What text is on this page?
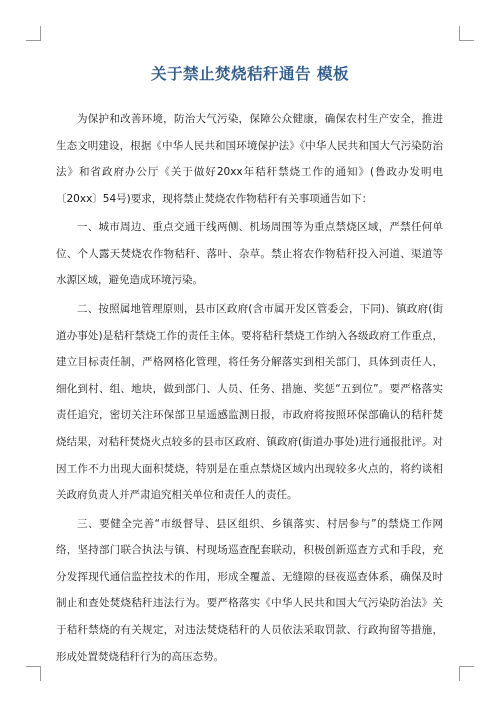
关于禁止焚烧秸秆通告 模板

为保护和改善环境，防治大气污染，保障公众健康，确保农村生产安全，推进生态文明建设，根据《中华人民共和国环境保护法》《中华人民共和国大气污染防治法》和省政府办公厅《关于做好20xx年秸秆禁烧工作的通知》(鲁政办发明电〔20xx〕54号)要求，现将禁止焚烧农作物秸秆有关事项通告如下：

一、城市周边、重点交通干线两侧、机场周围等为重点禁烧区域，严禁任何单位、个人露天焚烧农作物秸秆、落叶、杂草。禁止将农作物秸秆投入河道、渠道等水源区域，避免造成环境污染。

二、按照属地管理原则，县市区政府(含市属开发区管委会，下同)、镇政府(街道办事处)是秸秆禁烧工作的责任主体。要将秸秆禁烧工作纳入各级政府工作重点，建立目标责任制，严格网格化管理，将任务分解落实到相关部门，具体到责任人，细化到村、组、地块，做到部门、人员、任务、措施、奖惩“五到位”。要严格落实责任追究，密切关注环保部卫星遥感监测日报，市政府将按照环保部确认的秸秆焚烧结果，对秸秆焚烧火点较多的县市区政府、镇政府(街道办事处)进行通报批评。对因工作不力出现大面积焚烧，特别是在重点禁烧区域内出现较多火点的，将约谈相关政府负责人并严肃追究相关单位和责任人的责任。

三、要健全完善“市级督导、县区组织、乡镇落实、村居参与”的禁烧工作网络，坚持部门联合执法与镇、村现场巡查配套联动，积极创新巡查方式和手段，充分发挥现代通信监控技术的作用，形成全覆盖、无缝隙的昼夜巡查体系，确保及时制止和查处焚烧秸秆违法行为。要严格落实《中华人民共和国大气污染防治法》关于秸秆禁烧的有关规定，对违法焚烧秸秆的人员依法采取罚款、行政拘留等措施，形成处置焚烧秸秆行为的高压态势。
